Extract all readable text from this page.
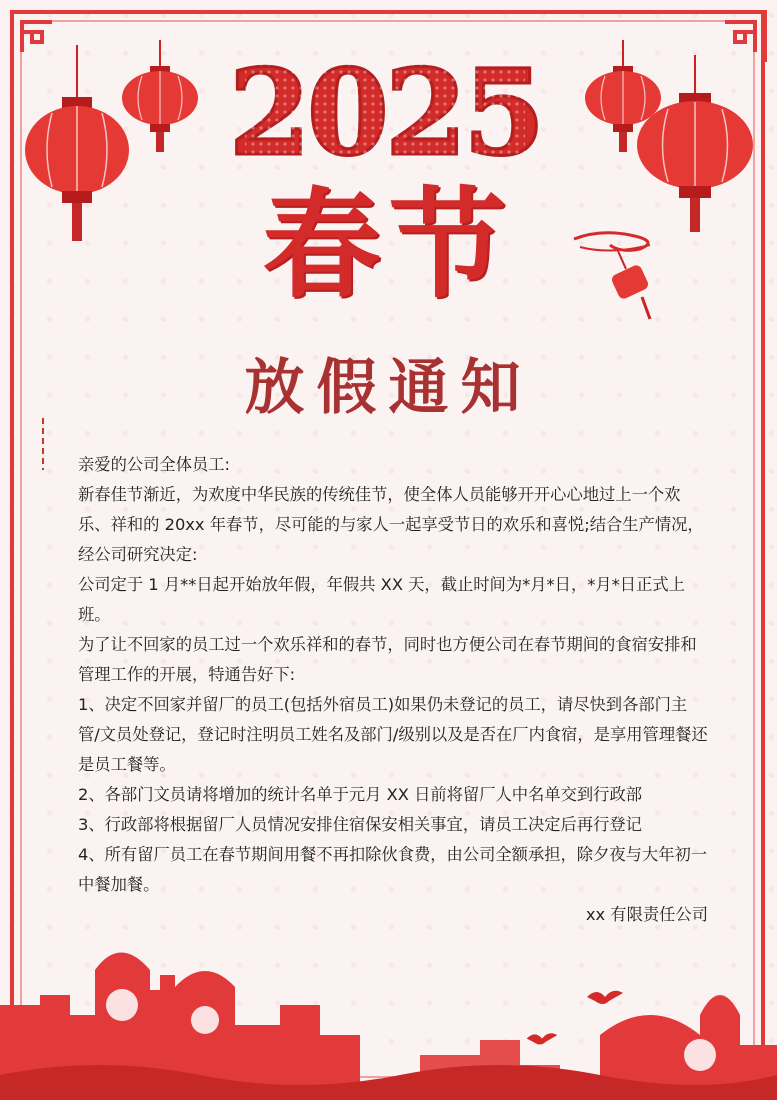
2025
春节
放假通知

亲爱的公司全体员工:

新春佳节渐近，为欢度中华民族的传统佳节，使全体人员能够开开心心地过上一个欢乐、祥和的 20xx 年春节，尽可能的与家人一起享受节日的欢乐和喜悦;结合生产情况，经公司研究决定:

公司定于 1 月**日起开始放年假，年假共 XX 天，截止时间为*月*日，*月*日正式上班。

为了让不回家的员工过一个欢乐祥和的春节，同时也方便公司在春节期间的食宿安排和管理工作的开展，特通告好下:

1、决定不回家并留厂的员工(包括外宿员工)如果仍未登记的员工，请尽快到各部门主管/文员处登记，登记时注明员工姓名及部门/级别以及是否在厂内食宿，是享用管理餐还是员工餐等。

2、各部门文员请将增加的统计名单于元月 XX 日前将留厂人中名单交到行政部

3、行政部将根据留厂人员情况安排住宿保安相关事宜，请员工决定后再行登记

4、所有留厂员工在春节期间用餐不再扣除伙食费，由公司全额承担，除夕夜与大年初一中餐加餐。

xx 有限责任公司
